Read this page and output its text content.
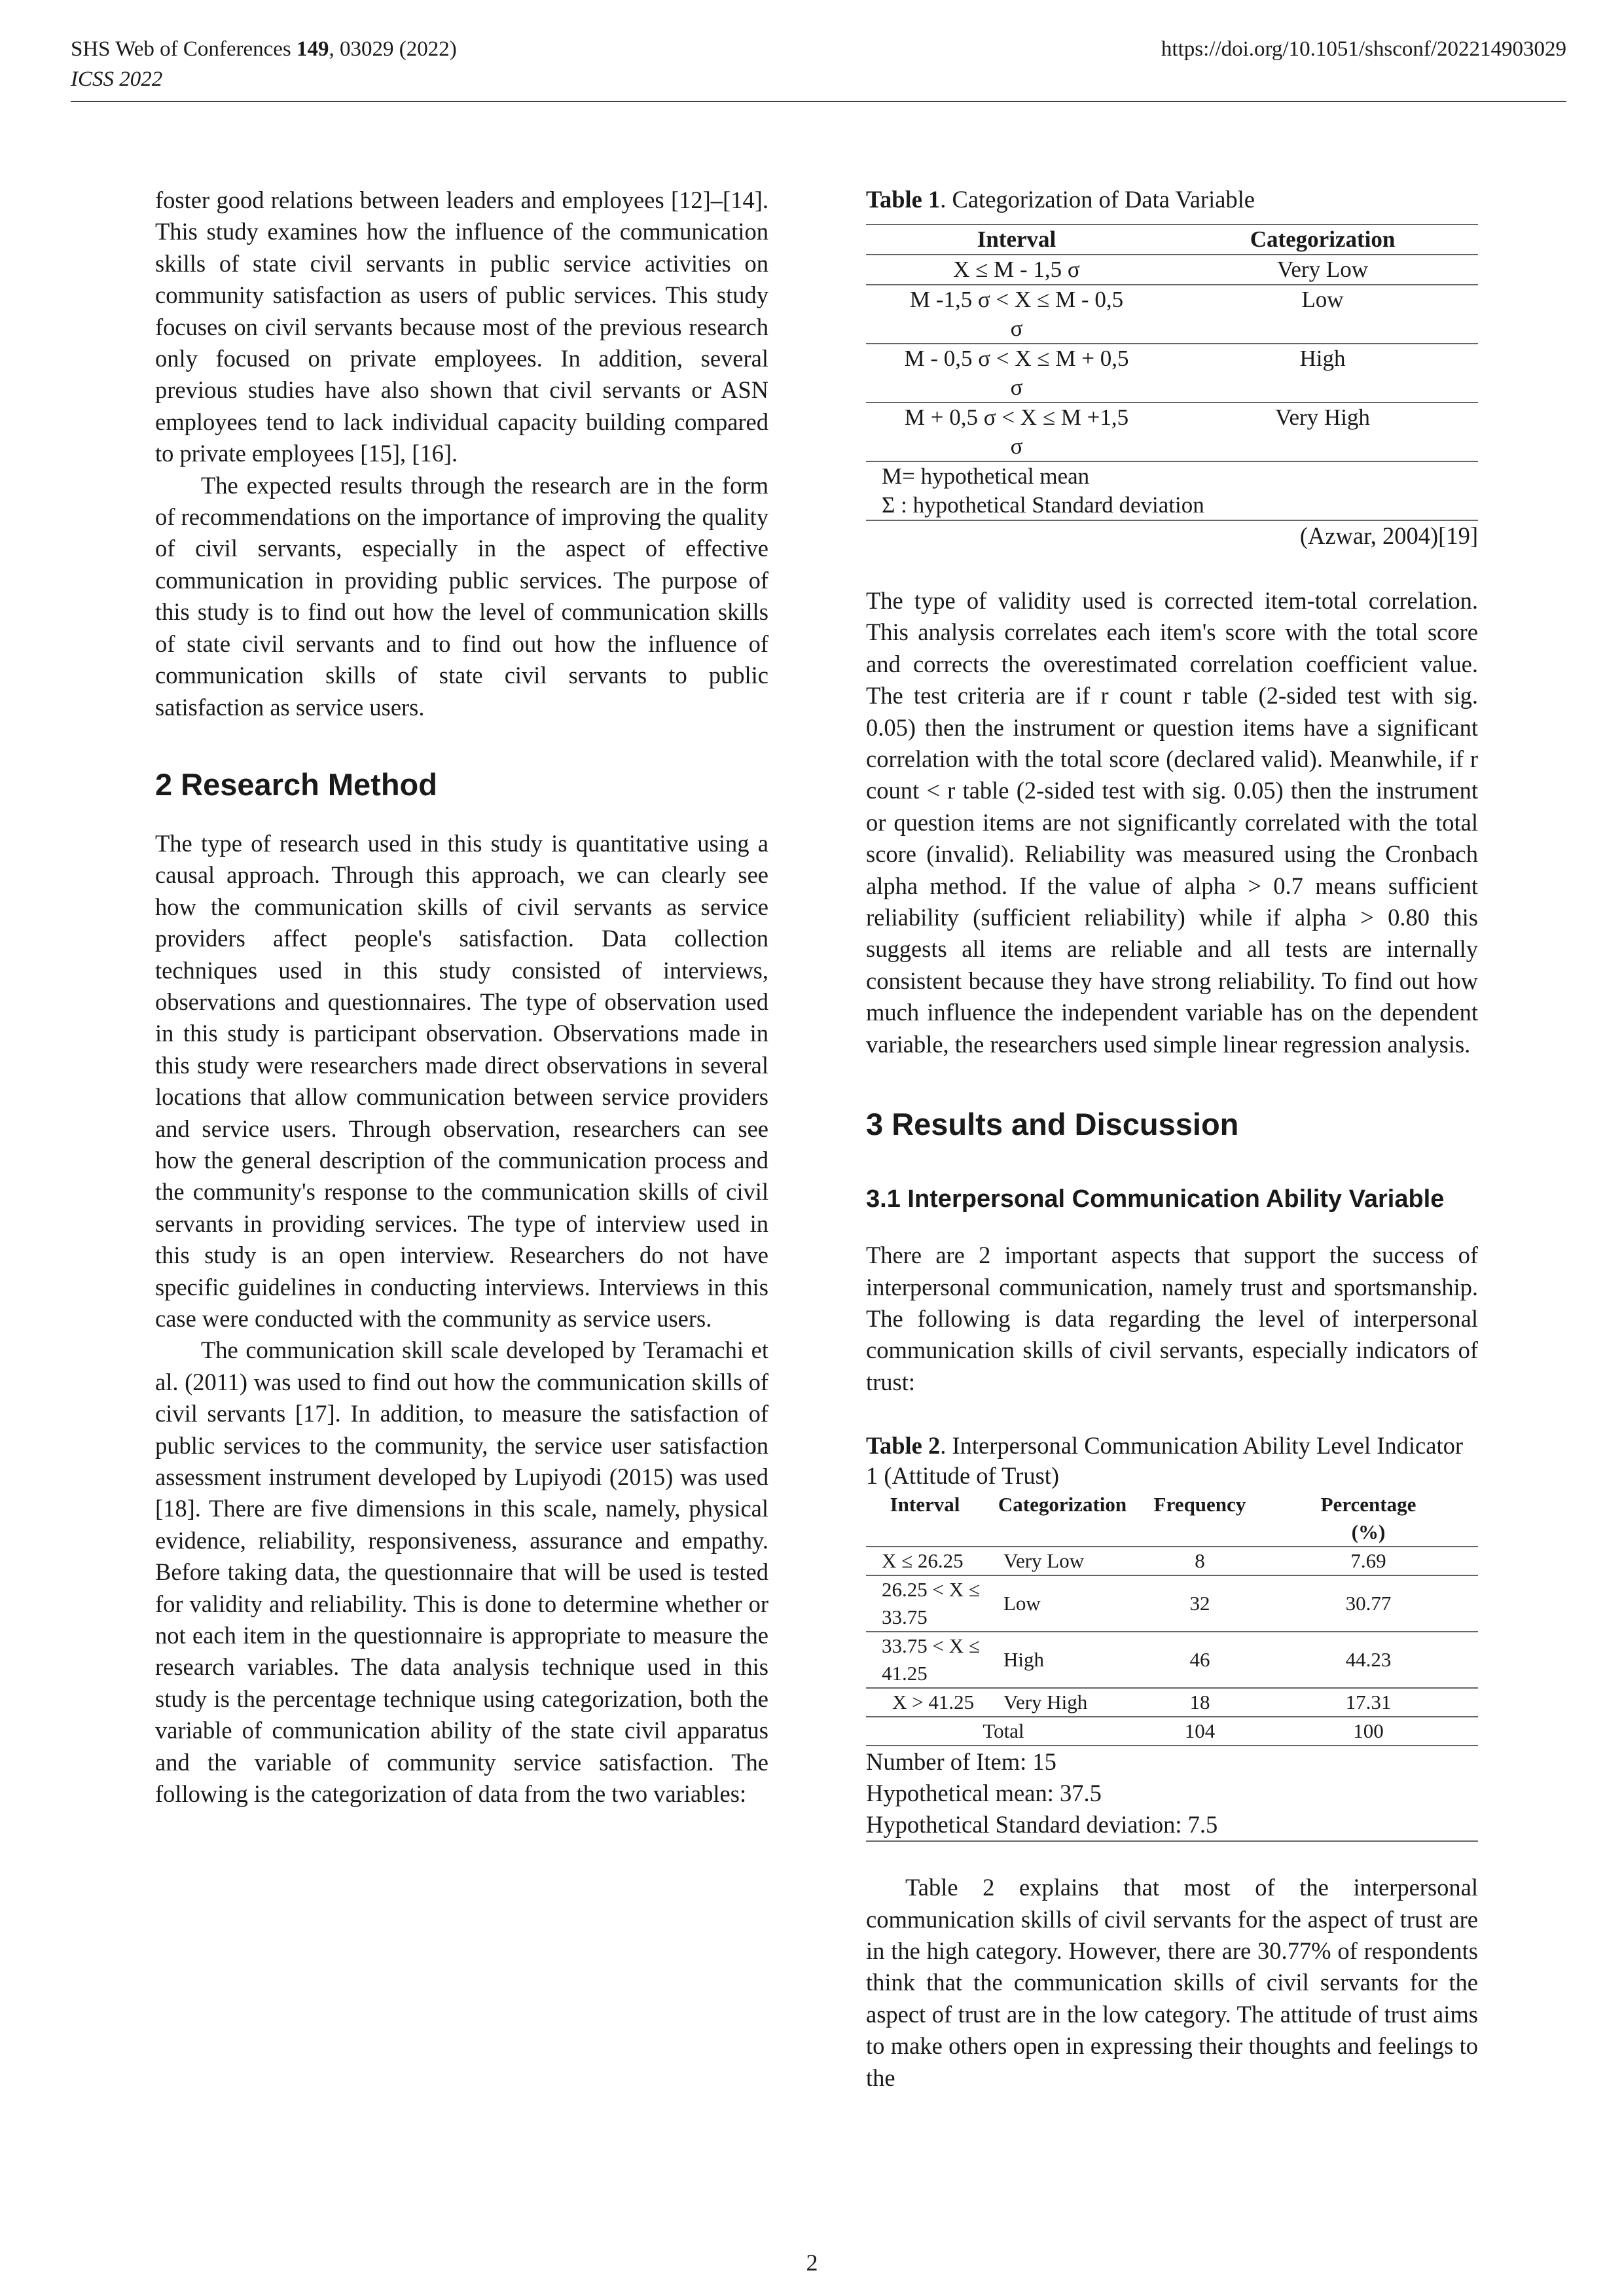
SHS Web of Conferences 149, 03029 (2022)
ICSS 2022
https://doi.org/10.1051/shsconf/202214903029

foster good relations between leaders and employees [12]–[14]. This study examines how the influence of the communication skills of state civil servants in public service activities on community satisfaction as users of public services. This study focuses on civil servants because most of the previous research only focused on private employees. In addition, several previous studies have also shown that civil servants or ASN employees tend to lack individual capacity building compared to private employees [15], [16].

The expected results through the research are in the form of recommendations on the importance of improving the quality of civil servants, especially in the aspect of effective communication in providing public services. The purpose of this study is to find out how the level of communication skills of state civil servants and to find out how the influence of communication skills of state civil servants to public satisfaction as service users.

2 Research Method

The type of research used in this study is quantitative using a causal approach. Through this approach, we can clearly see how the communication skills of civil servants as service providers affect people's satisfaction. Data collection techniques used in this study consisted of interviews, observations and questionnaires. The type of observation used in this study is participant observation. Observations made in this study were researchers made direct observations in several locations that allow communication between service providers and service users. Through observation, researchers can see how the general description of the communication process and the community's response to the communication skills of civil servants in providing services. The type of interview used in this study is an open interview. Researchers do not have specific guidelines in conducting interviews. Interviews in this case were conducted with the community as service users.

The communication skill scale developed by Teramachi et al. (2011) was used to find out how the communication skills of civil servants [17]. In addition, to measure the satisfaction of public services to the community, the service user satisfaction assessment instrument developed by Lupiyodi (2015) was used [18]. There are five dimensions in this scale, namely, physical evidence, reliability, responsiveness, assurance and empathy. Before taking data, the questionnaire that will be used is tested for validity and reliability. This is done to determine whether or not each item in the questionnaire is appropriate to measure the research variables. The data analysis technique used in this study is the percentage technique using categorization, both the variable of communication ability of the state civil apparatus and the variable of community service satisfaction. The following is the categorization of data from the two variables:

Table 1. Categorization of Data Variable

Interval	Categorization
X ≤ M - 1,5 σ	Very Low
M -1,5 σ < X ≤ M - 0,5
σ	Low
M - 0,5 σ < X ≤ M + 0,5
σ	High
M + 0,5 σ < X ≤ M +1,5
σ	Very High
M= hypothetical mean
Σ : hypothetical Standard deviation	
(Azwar, 2004)[19]

The type of validity used is corrected item-total correlation. This analysis correlates each item's score with the total score and corrects the overestimated correlation coefficient value. The test criteria are if r count r table (2-sided test with sig. 0.05) then the instrument or question items have a significant correlation with the total score (declared valid). Meanwhile, if r count < r table (2-sided test with sig. 0.05) then the instrument or question items are not significantly correlated with the total score (invalid). Reliability was measured using the Cronbach alpha method. If the value of alpha > 0.7 means sufficient reliability (sufficient reliability) while if alpha > 0.80 this suggests all items are reliable and all tests are internally consistent because they have strong reliability. To find out how much influence the independent variable has on the dependent variable, the researchers used simple linear regression analysis.

3 Results and Discussion
3.1 Interpersonal Communication Ability Variable

There are 2 important aspects that support the success of interpersonal communication, namely trust and sportsmanship. The following is data regarding the level of interpersonal communication skills of civil servants, especially indicators of trust:

Table 2. Interpersonal Communication Ability Level Indicator 1 (Attitude of Trust)

Interval	Categorization	Frequency	Percentage
(%)
X ≤ 26.25	Very Low	8	7.69
26.25 < X ≤ 33.75	Low	32	30.77
33.75 < X ≤ 41.25	High	46	44.23
X > 41.25	Very High	18	17.31
Total		104	100

Number of Item: 15
Hypothetical mean: 37.5
Hypothetical Standard deviation: 7.5			

Table 2 explains that most of the interpersonal communication skills of civil servants for the aspect of trust are in the high category. However, there are 30.77% of respondents think that the communication skills of civil servants for the aspect of trust are in the low category. The attitude of trust aims to make others open in expressing their thoughts and feelings to the

2
